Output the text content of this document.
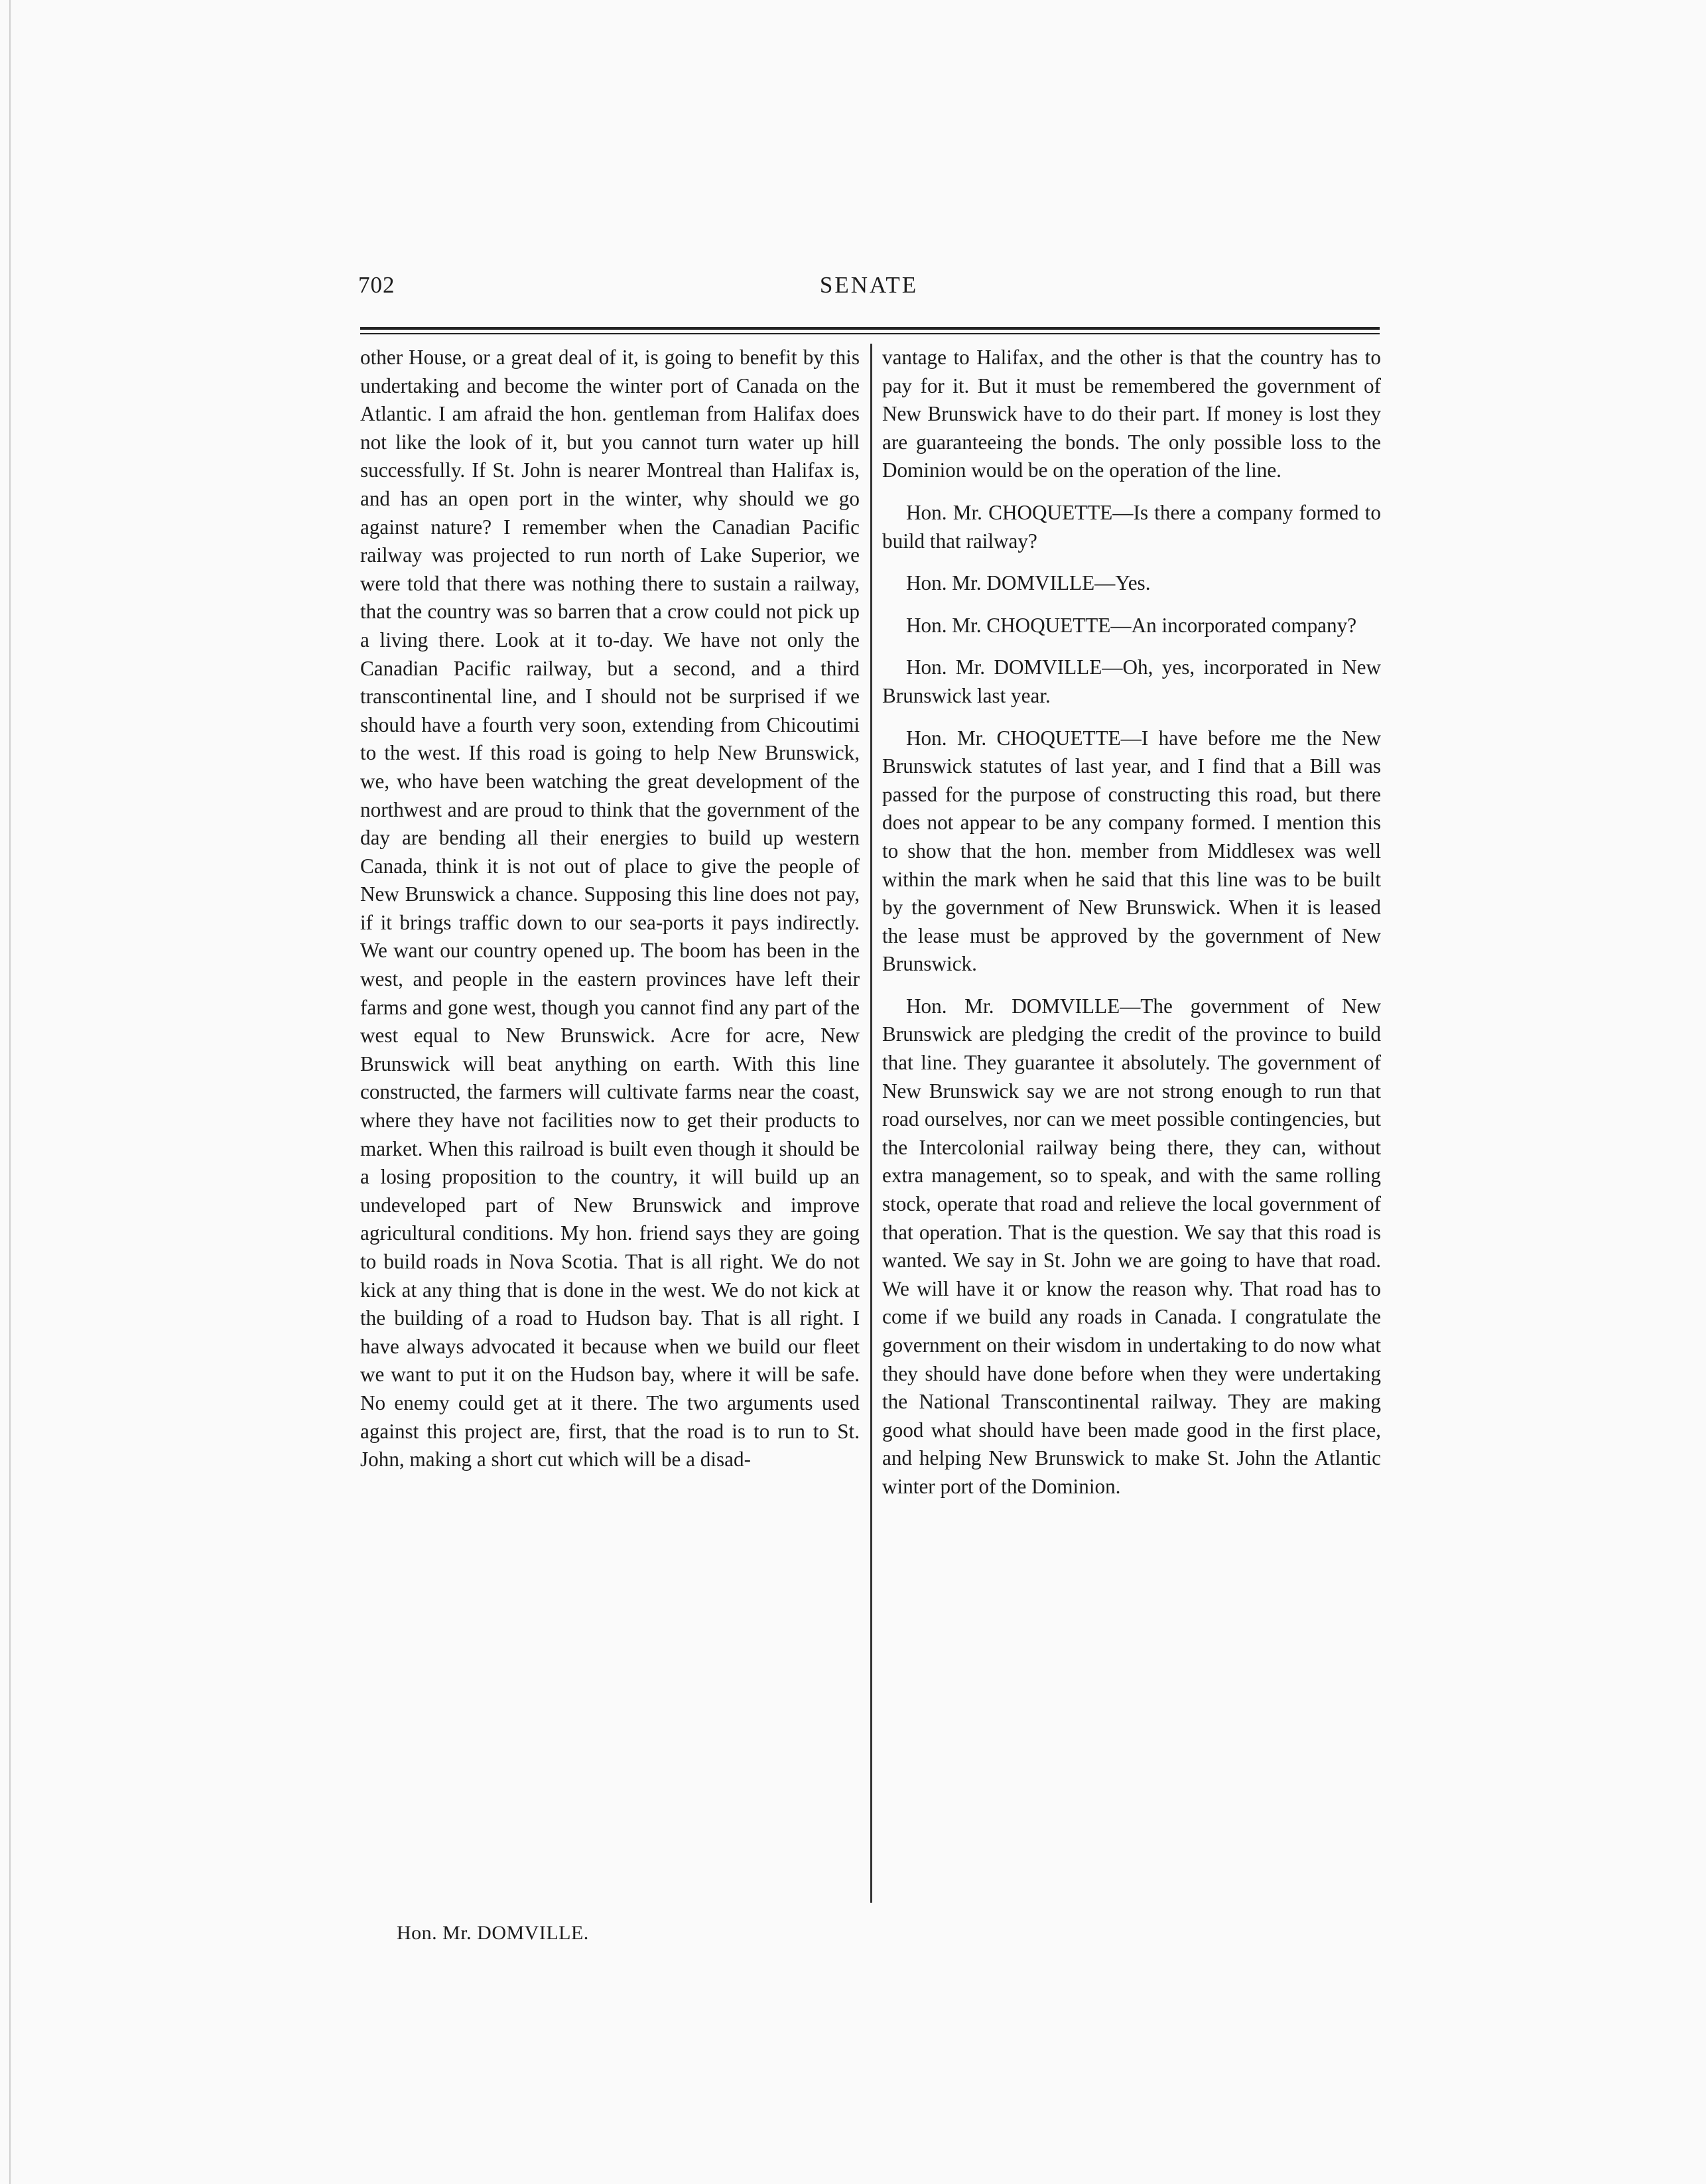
702	SENATE

other House, or a great deal of it, is going to benefit by this undertaking and become the winter port of Canada on the Atlantic. I am afraid the hon. gentleman from Halifax does not like the look of it, but you cannot turn water up hill successfully. If St. John is nearer Montreal than Halifax is, and has an open port in the winter, why should we go against nature? I remember when the Canadian Pacific railway was projected to run north of Lake Superior, we were told that there was nothing there to sustain a railway, that the country was so barren that a crow could not pick up a living there. Look at it to-day. We have not only the Canadian Pacific railway, but a second, and a third transcontinental line, and I should not be surprised if we should have a fourth very soon, extending from Chicoutimi to the west. If this road is going to help New Brunswick, we, who have been watching the great development of the northwest and are proud to think that the government of the day are bending all their energies to build up western Canada, think it is not out of place to give the people of New Brunswick a chance. Supposing this line does not pay, if it brings traffic down to our sea-ports it pays indirectly. We want our country opened up. The boom has been in the west, and people in the eastern provinces have left their farms and gone west, though you cannot find any part of the west equal to New Brunswick. Acre for acre, New Brunswick will beat anything on earth. With this line constructed, the farmers will cultivate farms near the coast, where they have not facilities now to get their products to market. When this railroad is built even though it should be a losing proposition to the country, it will build up an undeveloped part of New Brunswick and improve agricultural conditions. My hon. friend says they are going to build roads in Nova Scotia. That is all right. We do not kick at any thing that is done in the west. We do not kick at the building of a road to Hudson bay. That is all right. I have always advocated it because when we build our fleet we want to put it on the Hudson bay, where it will be safe. No enemy could get at it there. The two arguments used against this project are, first, that the road is to run to St. John, making a short cut which will be a disad-

vantage to Halifax, and the other is that the country has to pay for it. But it must be remembered the government of New Brunswick have to do their part. If money is lost they are guaranteeing the bonds. The only possible loss to the Dominion would be on the operation of the line.

Hon. Mr. CHOQUETTE—Is there a company formed to build that railway?

Hon. Mr. DOMVILLE—Yes.

Hon. Mr. CHOQUETTE—An incorporated company?

Hon. Mr. DOMVILLE—Oh, yes, incorporated in New Brunswick last year.

Hon. Mr. CHOQUETTE—I have before me the New Brunswick statutes of last year, and I find that a Bill was passed for the purpose of constructing this road, but there does not appear to be any company formed. I mention this to show that the hon. member from Middlesex was well within the mark when he said that this line was to be built by the government of New Brunswick. When it is leased the lease must be approved by the government of New Brunswick.

Hon. Mr. DOMVILLE—The government of New Brunswick are pledging the credit of the province to build that line. They guarantee it absolutely. The government of New Brunswick say we are not strong enough to run that road ourselves, nor can we meet possible contingencies, but the Intercolonial railway being there, they can, without extra management, so to speak, and with the same rolling stock, operate that road and relieve the local government of that operation. That is the question. We say that this road is wanted. We say in St. John we are going to have that road. We will have it or know the reason why. That road has to come if we build any roads in Canada. I congratulate the government on their wisdom in undertaking to do now what they should have done before when they were undertaking the National Transcontinental railway. They are making good what should have been made good in the first place, and helping New Brunswick to make St. John the Atlantic winter port of the Dominion.

Hon. Mr. DOMVILLE.
